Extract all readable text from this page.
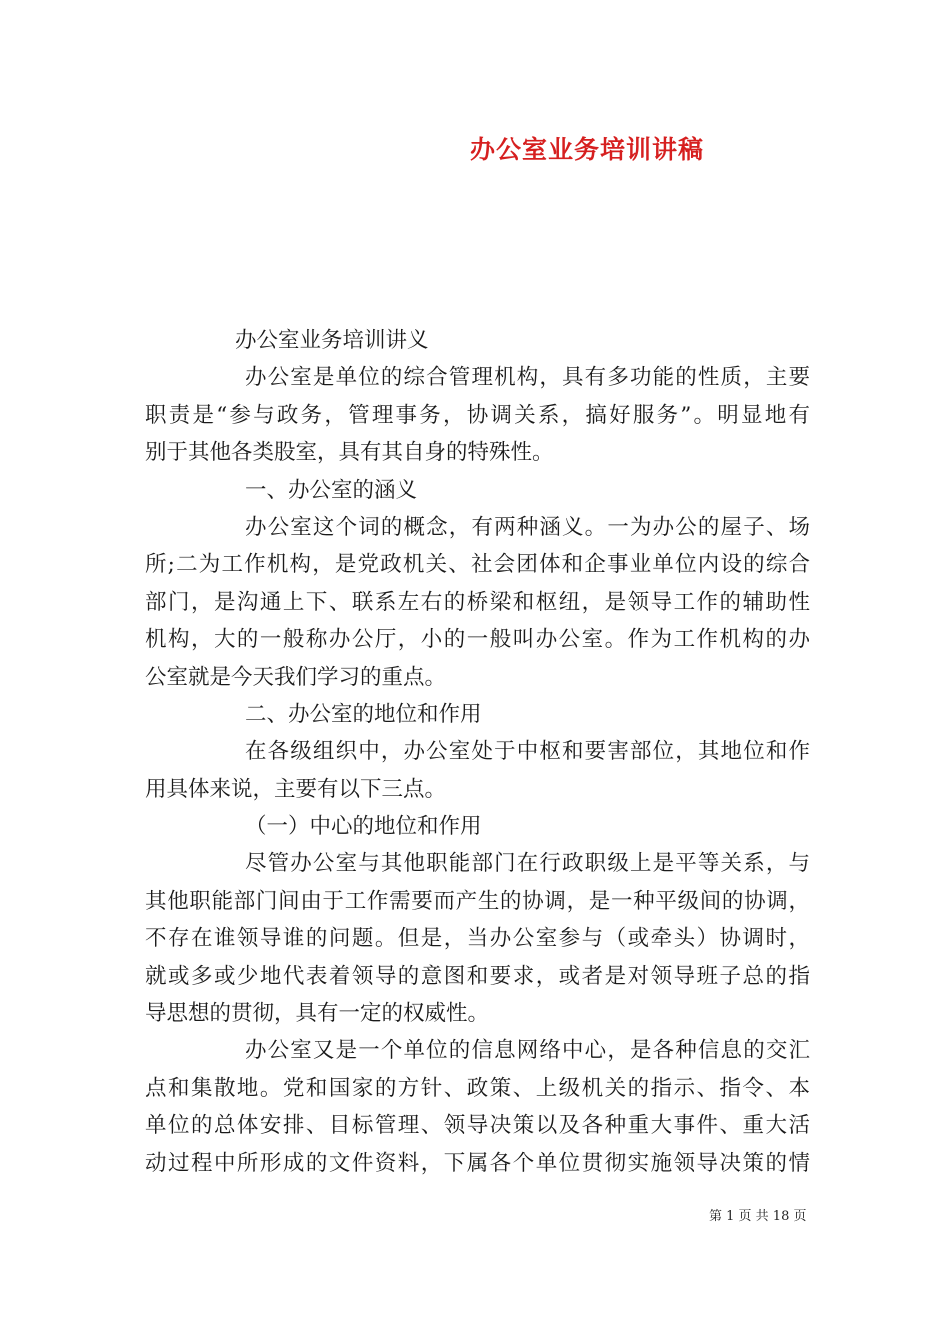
办公室业务培训讲稿
办公室业务培训讲义
办公室是单位的综合管理机构，具有多功能的性质，主要
职责是“参与政务，管理事务，协调关系，搞好服务”。明显地有
别于其他各类股室，具有其自身的特殊性。
一、办公室的涵义
办公室这个词的概念，有两种涵义。一为办公的屋子、场
所;二为工作机构，是党政机关、社会团体和企事业单位内设的综合
部门，是沟通上下、联系左右的桥梁和枢纽，是领导工作的辅助性
机构，大的一般称办公厅，小的一般叫办公室。作为工作机构的办
公室就是今天我们学习的重点。
二、办公室的地位和作用
在各级组织中，办公室处于中枢和要害部位，其地位和作
用具体来说，主要有以下三点。
（一）中心的地位和作用
尽管办公室与其他职能部门在行政职级上是平等关系，与
其他职能部门间由于工作需要而产生的协调，是一种平级间的协调，
不存在谁领导谁的问题。但是，当办公室参与（或牵头）协调时，
就或多或少地代表着领导的意图和要求，或者是对领导班子总的指
导思想的贯彻，具有一定的权威性。
办公室又是一个单位的信息网络中心，是各种信息的交汇
点和集散地。党和国家的方针、政策、上级机关的指示、指令、本
单位的总体安排、目标管理、领导决策以及各种重大事件、重大活
动过程中所形成的文件资料，下属各个单位贯彻实施领导决策的情
第 1 页 共 18 页
